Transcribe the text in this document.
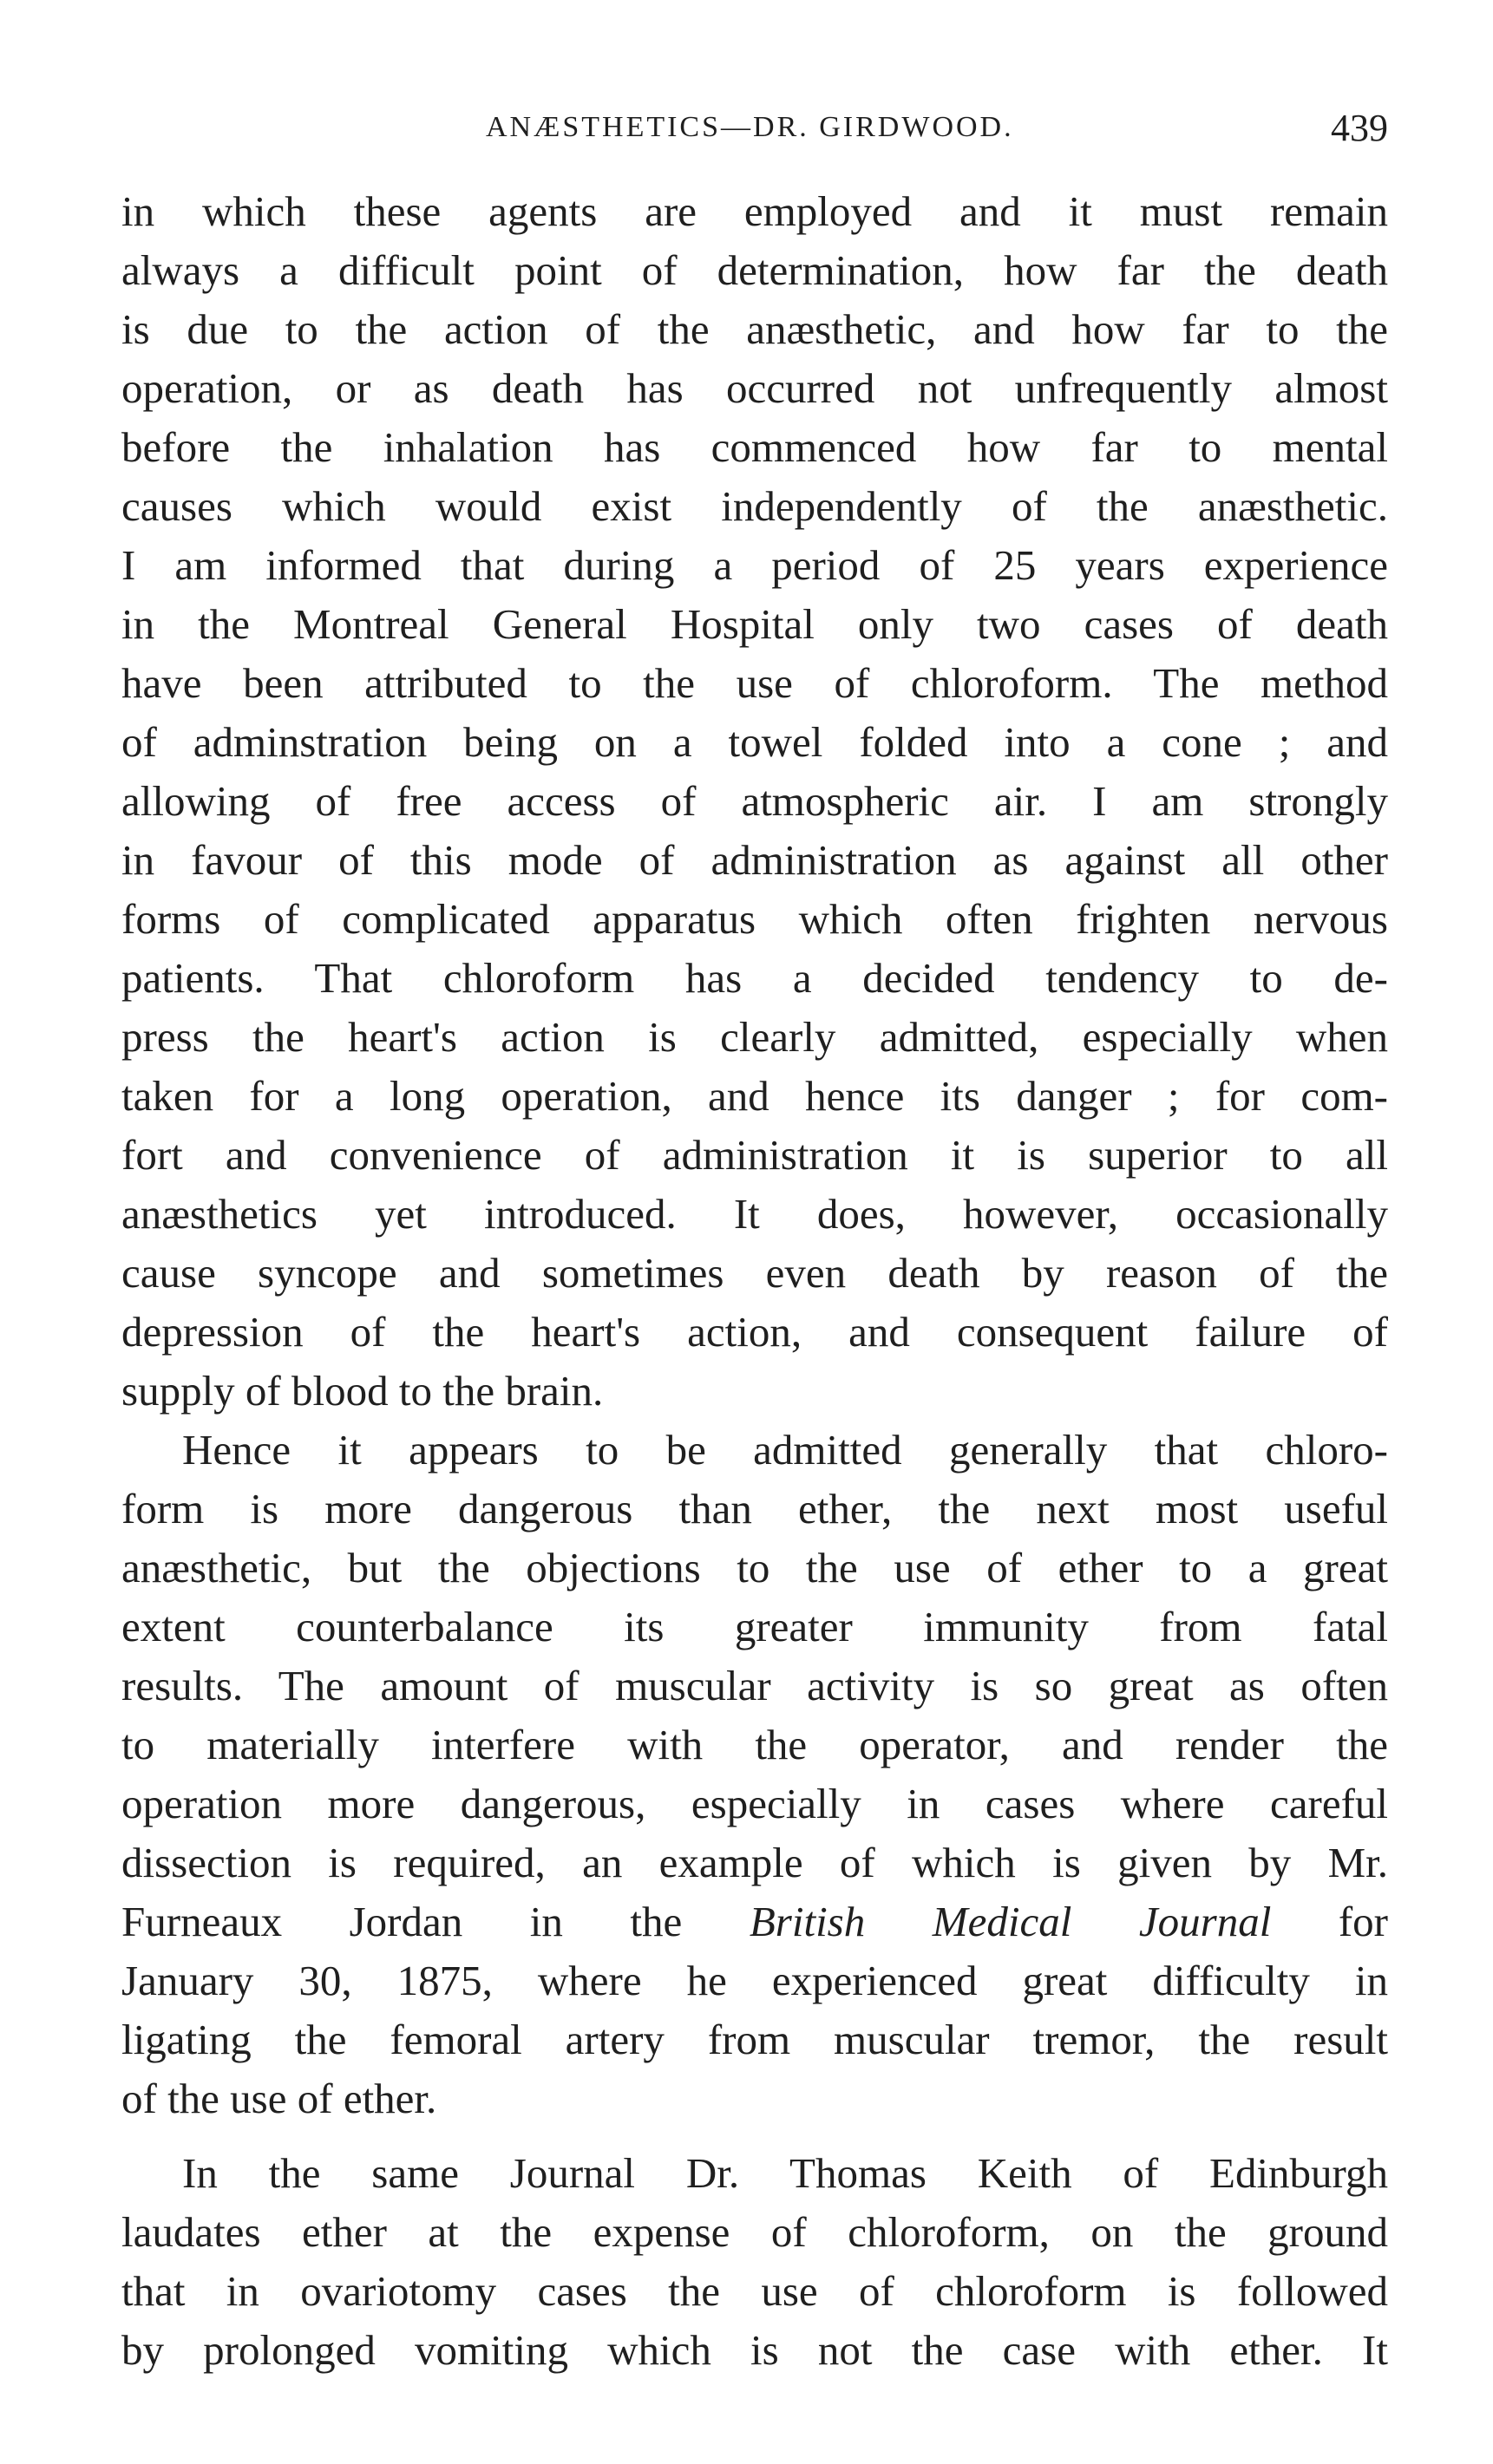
ANÆSTHETICS—DR. GIRDWOOD.	439
in which these agents are employed and it must remain
always a difficult point of determination, how far the death
is due to the action of the anæsthetic, and how far to the
operation, or as death has occurred not unfrequently almost
before the inhalation has commenced how far to mental
causes which would exist independently of the anæsthetic.
I am informed that during a period of 25 years experience
in the Montreal General Hospital only two cases of death
have been attributed to the use of chloroform. The method
of adminstration being on a towel folded into a cone ; and
allowing of free access of atmospheric air. I am strongly
in favour of this mode of administration as against all other
forms of complicated apparatus which often frighten nervous
patients. That chloroform has a decided tendency to de-
press the heart's action is clearly admitted, especially when
taken for a long operation, and hence its danger ; for com-
fort and convenience of administration it is superior to all
anæsthetics yet introduced. It does, however, occasionally
cause syncope and sometimes even death by reason of the
depression of the heart's action, and consequent failure of
supply of blood to the brain.
Hence it appears to be admitted generally that chloro-
form is more dangerous than ether, the next most useful
anæsthetic, but the objections to the use of ether to a great
extent counterbalance its greater immunity from fatal
results. The amount of muscular activity is so great as often
to materially interfere with the operator, and render the
operation more dangerous, especially in cases where careful
dissection is required, an example of which is given by Mr.
Furneaux Jordan in the British Medical Journal for
January 30, 1875, where he experienced great difficulty in
ligating the femoral artery from muscular tremor, the result
of the use of ether.
In the same Journal Dr. Thomas Keith of Edinburgh
laudates ether at the expense of chloroform, on the ground
that in ovariotomy cases the use of chloroform is followed
by prolonged vomiting which is not the case with ether. It
